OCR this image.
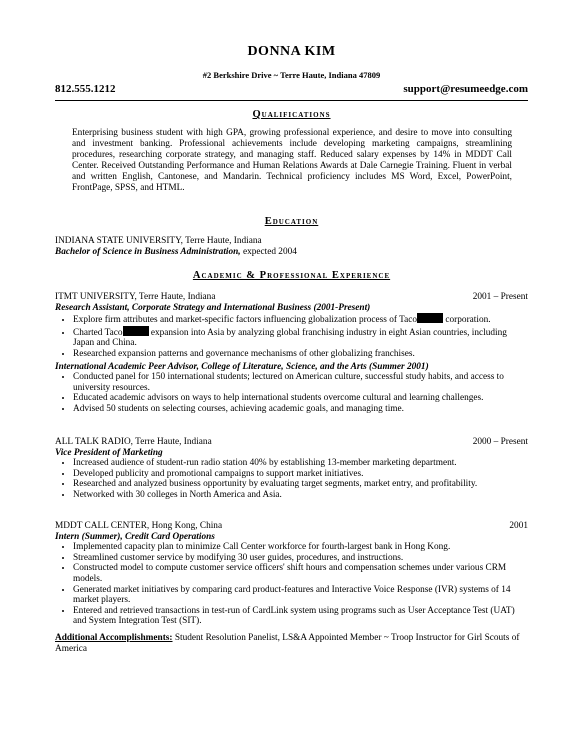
DONNA KIM
#2 Berkshire Drive ~ Terre Haute, Indiana 47809
812.555.1212	support@resumeedge.com
Qualifications
Enterprising business student with high GPA, growing professional experience, and desire to move into consulting and investment banking. Professional achievements include developing marketing campaigns, streamlining procedures, researching corporate strategy, and managing staff. Reduced salary expenses by 14% in MDDT Call Center. Received Outstanding Performance and Human Relations Awards at Dale Carnegie Training. Fluent in verbal and written English, Cantonese, and Mandarin. Technical proficiency includes MS Word, Excel, PowerPoint, FrontPage, SPSS, and HTML.
Education
INDIANA STATE UNIVERSITY, Terre Haute, Indiana
Bachelor of Science in Business Administration, expected 2004
Academic & Professional Experience
ITMT UNIVERSITY, Terre Haute, Indiana	2001 – Present
Research Assistant, Corporate Strategy and International Business (2001-Present)
• Explore firm attributes and market-specific factors influencing globalization process of Taco	corporation.
• Charted Taco	expansion into Asia by analyzing global franchising industry in eight Asian countries, including Japan and China.
• Researched expansion patterns and governance mechanisms of other globalizing franchises.
International Academic Peer Advisor, College of Literature, Science, and the Arts (Summer 2001)
• Conducted panel for 150 international students; lectured on American culture, successful study habits, and access to university resources.
• Educated academic advisors on ways to help international students overcome cultural and learning challenges.
• Advised 50 students on selecting courses, achieving academic goals, and managing time.
ALL TALK RADIO, Terre Haute, Indiana	2000 – Present
Vice President of Marketing
• Increased audience of student-run radio station 40% by establishing 13-member marketing department.
• Developed publicity and promotional campaigns to support market initiatives.
• Researched and analyzed business opportunity by evaluating target segments, market entry, and profitability.
• Networked with 30 colleges in North America and Asia.
MDDT CALL CENTER, Hong Kong, China	2001
Intern (Summer), Credit Card Operations
• Implemented capacity plan to minimize Call Center workforce for fourth-largest bank in Hong Kong.
• Streamlined customer service by modifying 30 user guides, procedures, and instructions.
• Constructed model to compute customer service officers' shift hours and compensation schemes under various CRM models.
• Generated market initiatives by comparing card product-features and Interactive Voice Response (IVR) systems of 14 market players.
• Entered and retrieved transactions in test-run of CardLink system using programs such as User Acceptance Test (UAT) and System Integration Test (SIT).
Additional Accomplishments: Student Resolution Panelist, LS&A Appointed Member ~ Troop Instructor for Girl Scouts of America
